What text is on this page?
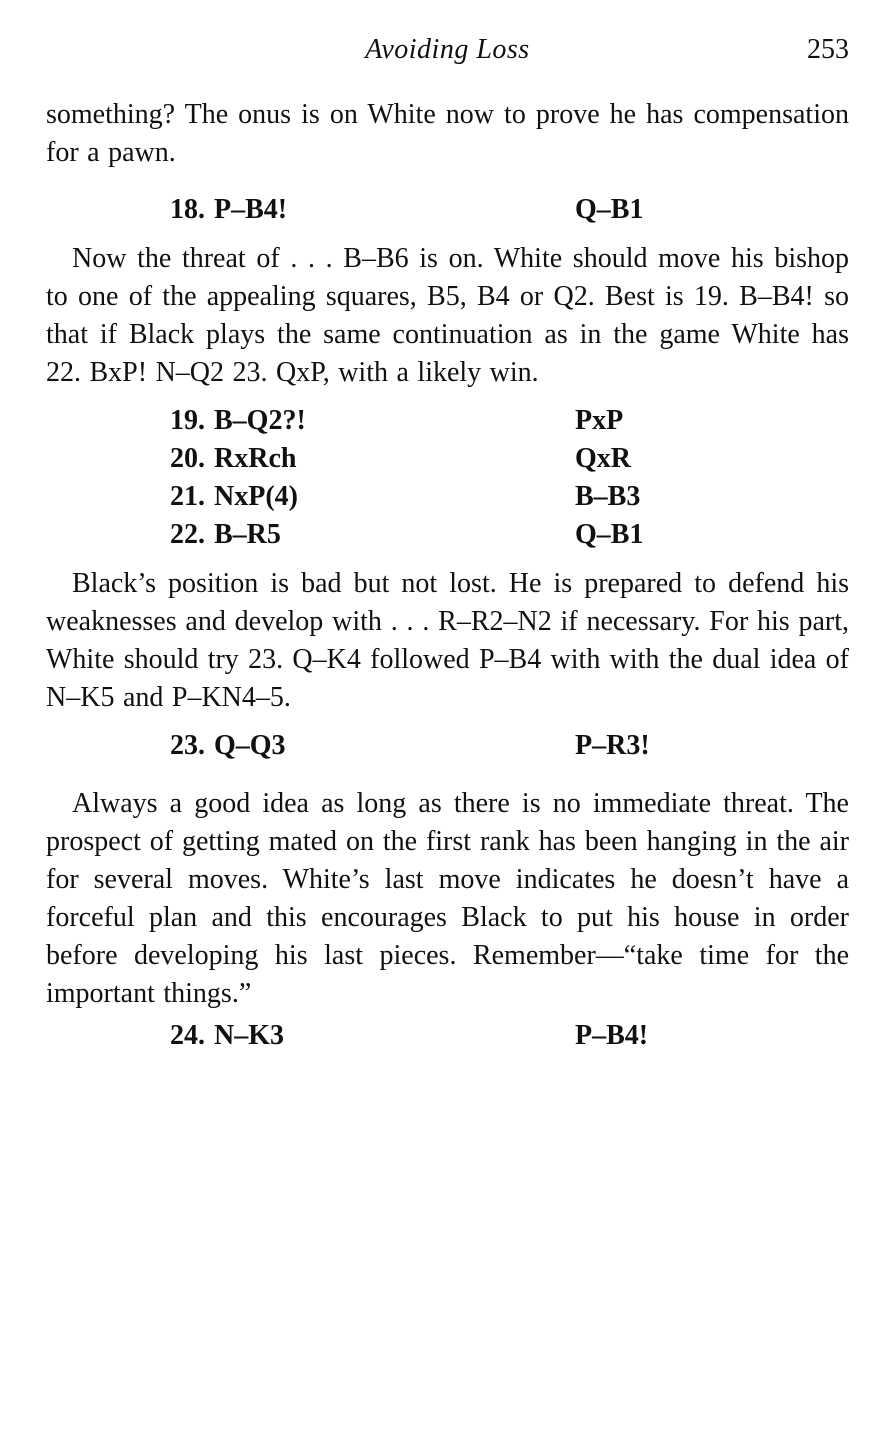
Avoiding Loss	253

something? The onus is on White now to prove he has compensation for a pawn.

18. P–B4!	Q–B1

Now the threat of . . . B–B6 is on. White should move his bishop to one of the appealing squares, B5, B4 or Q2. Best is 19. B–B4! so that if Black plays the same continuation as in the game White has 22. BxP! N–Q2 23. QxP, with a likely win.

19. B–Q2?!	PxP
20. RxRch	QxR
21. NxP(4)	B–B3
22. B–R5	Q–B1

Black’s position is bad but not lost. He is prepared to defend his weaknesses and develop with . . . R–R2–N2 if necessary. For his part, White should try 23. Q–K4 followed P–B4 with with the dual idea of N–K5 and P–KN4–5.

23. Q–Q3	P–R3!

Always a good idea as long as there is no immediate threat. The prospect of getting mated on the first rank has been hanging in the air for several moves. White’s last move indicates he doesn’t have a forceful plan and this encourages Black to put his house in order before developing his last pieces. Remember—“take time for the important things.”

24. N–K3	P–B4!
